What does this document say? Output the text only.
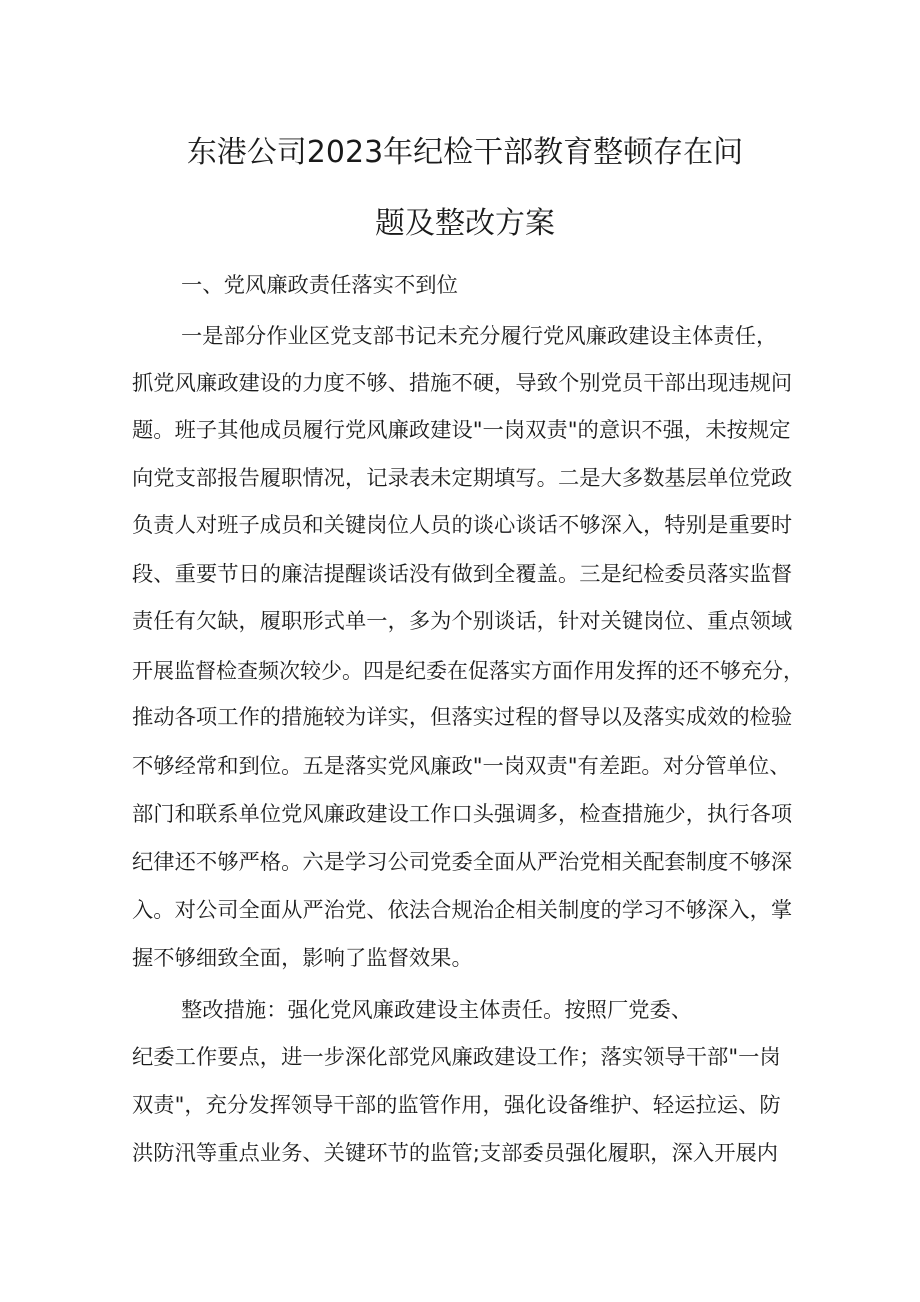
东港公司2023年纪检干部教育整顿存在问
题及整改方案
一、党风廉政责任落实不到位
一是部分作业区党支部书记未充分履行党风廉政建设主体责任，
抓党风廉政建设的力度不够、措施不硬，导致个别党员干部出现违规问
题。班子其他成员履行党风廉政建设"一岗双责"的意识不强，未按规定
向党支部报告履职情况，记录表未定期填写。二是大多数基层单位党政
负责人对班子成员和关键岗位人员的谈心谈话不够深入，特别是重要时
段、重要节日的廉洁提醒谈话没有做到全覆盖。三是纪检委员落实监督
责任有欠缺，履职形式单一，多为个别谈话，针对关键岗位、重点领域
开展监督检查频次较少。四是纪委在促落实方面作用发挥的还不够充分，
推动各项工作的措施较为详实，但落实过程的督导以及落实成效的检验
不够经常和到位。五是落实党风廉政"一岗双责"有差距。对分管单位、
部门和联系单位党风廉政建设工作口头强调多，检查措施少，执行各项
纪律还不够严格。六是学习公司党委全面从严治党相关配套制度不够深
入。对公司全面从严治党、依法合规治企相关制度的学习不够深入，掌
握不够细致全面，影响了监督效果。
整改措施：强化党风廉政建设主体责任。按照厂党委、
纪委工作要点，进一步深化部党风廉政建设工作；落实领导干部"一岗
双责"，充分发挥领导干部的监管作用，强化设备维护、轻运拉运、防
洪防汛等重点业务、关键环节的监管;支部委员强化履职，深入开展内
